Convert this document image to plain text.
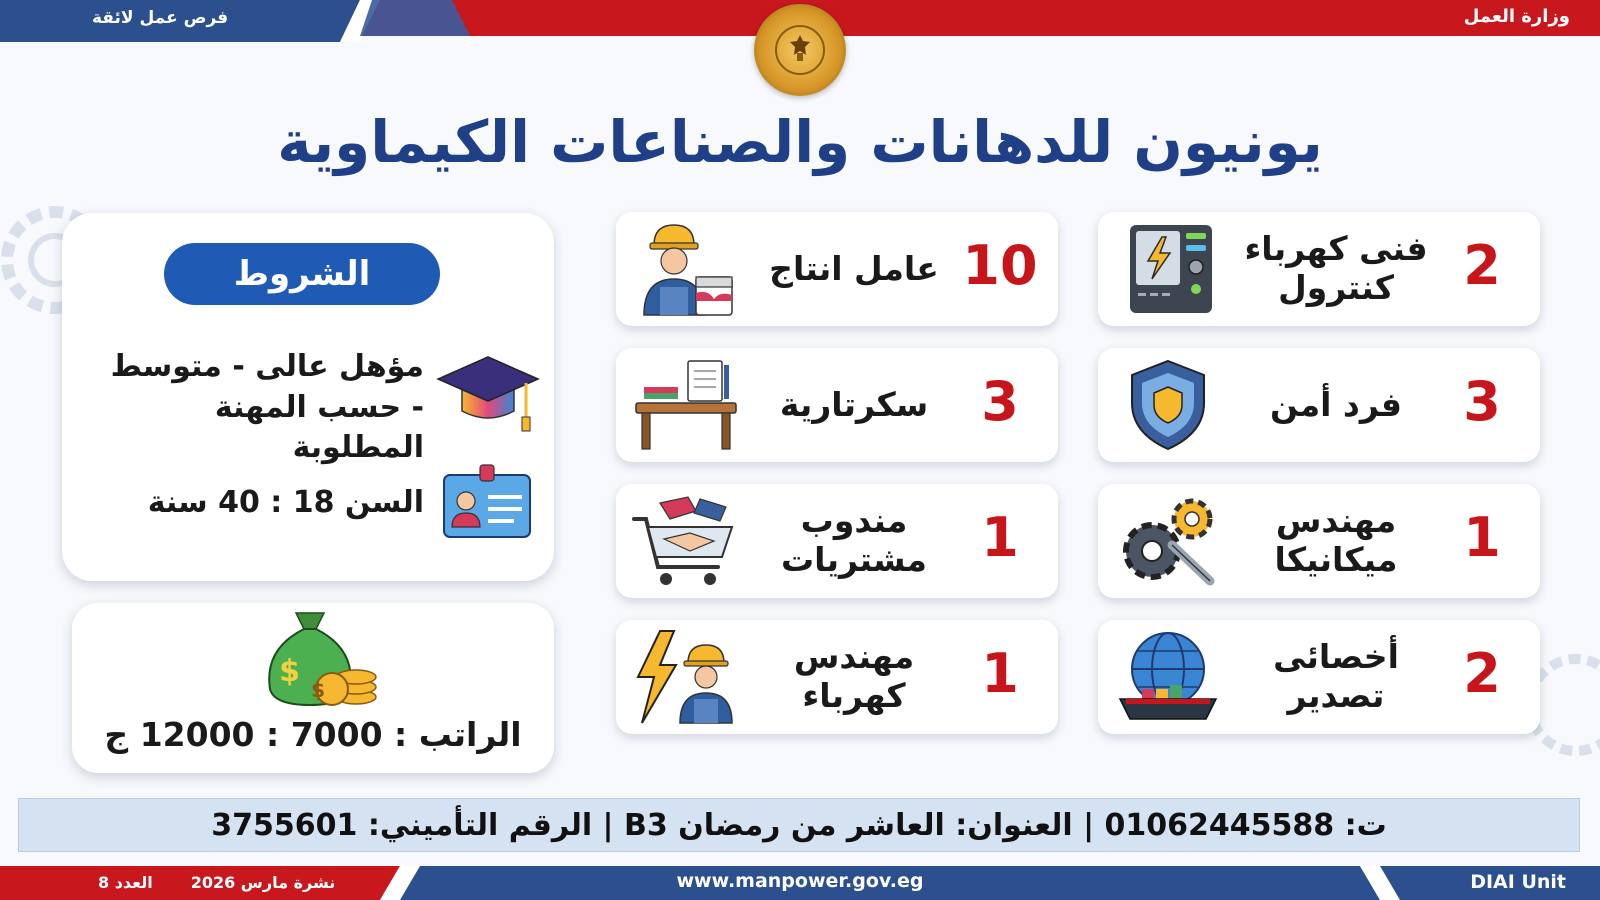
فرص عمل لائقة	وزارة العمل
يونيون للدهانات والصناعات الكيماوية
2
فنى كهرباء كنترول
10
عامل انتاج
3
فرد أمن
3
سكرتارية
1
مهندس ميكانيكا
1
مندوب مشتريات
2
أخصائى تصدير
1
مهندس كهرباء
الشروط
مؤهل عالى - متوسط - حسب المهنة المطلوبة
السن 18 : 40 سنة
$
$
الراتب : 7000 : 12000 ج
ت: 01062445588 | العنوان: العاشر من رمضان B3 | الرقم التأميني: 3755601
نشرة مارس 2026العدد 8	www.manpower.gov.eg	DIAI Unit
